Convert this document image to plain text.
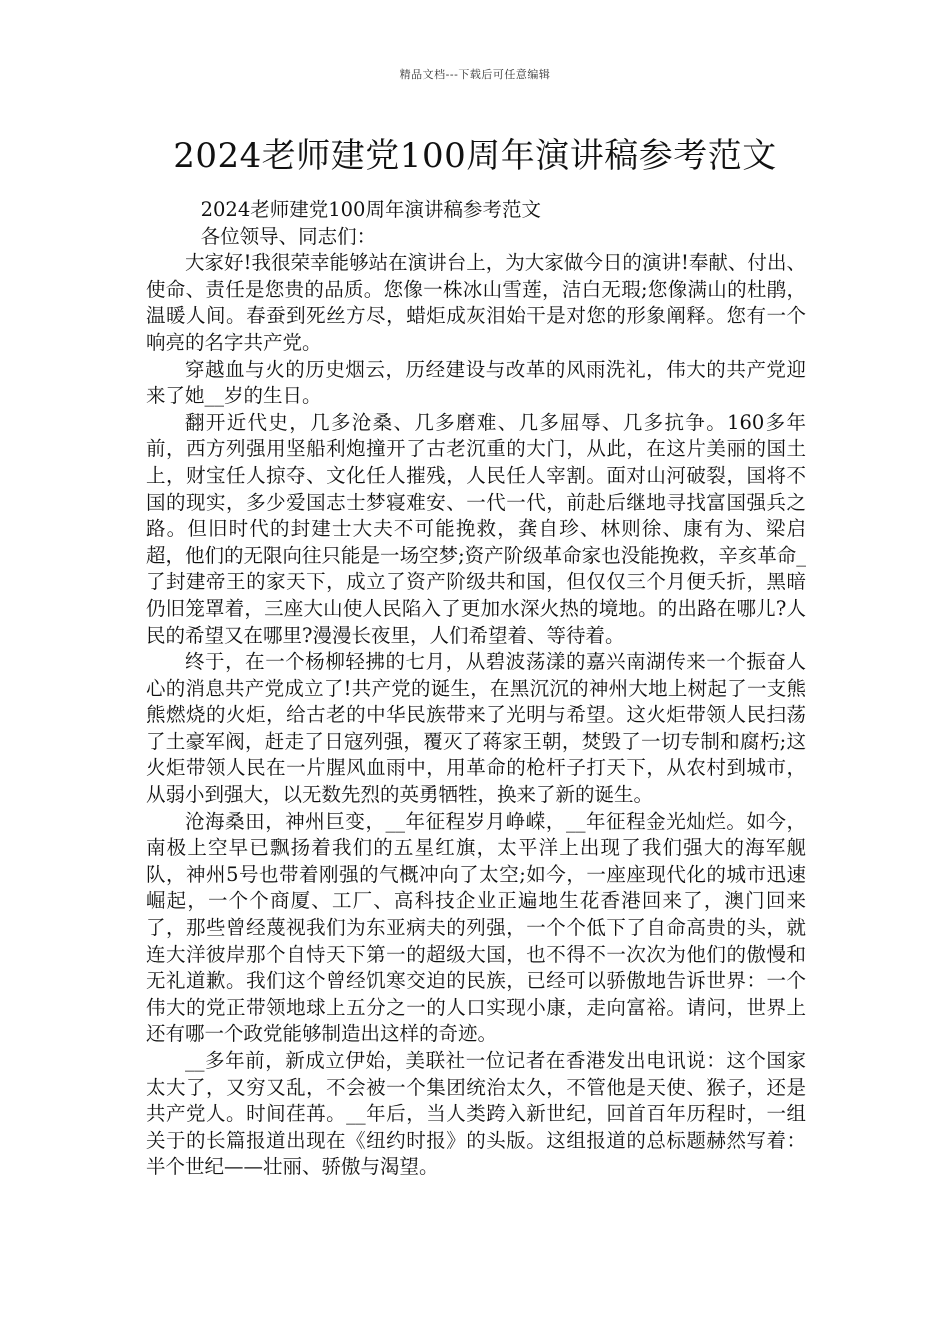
精品文档---下载后可任意编辑
2024老师建党100周年演讲稿参考范文

2024老师建党100周年演讲稿参考范文

各位领导、同志们：

大家好!我很荣幸能够站在演讲台上，为大家做今日的演讲!奉献、付出、使命、责任是您贵的品质。您像一株冰山雪莲，洁白无瑕;您像满山的杜鹃，温暖人间。春蚕到死丝方尽，蜡炬成灰泪始干是对您的形象阐释。您有一个响亮的名字共产党。

穿越血与火的历史烟云，历经建设与改革的风雨洗礼，伟大的共产党迎来了她__岁的生日。

翻开近代史，几多沧桑、几多磨难、几多屈辱、几多抗争。160多年前，西方列强用坚船利炮撞开了古老沉重的大门，从此，在这片美丽的国土上，财宝任人掠夺、文化任人摧残，人民任人宰割。面对山河破裂，国将不国的现实，多少爱国志士梦寝难安、一代一代，前赴后继地寻找富国强兵之路。但旧时代的封建士大夫不可能挽救，龚自珍、林则徐、康有为、梁启超，他们的无限向往只能是一场空梦;资产阶级革命家也没能挽救，辛亥革命_了封建帝王的家天下，成立了资产阶级共和国，但仅仅三个月便夭折，黑暗仍旧笼罩着，三座大山使人民陷入了更加水深火热的境地。的出路在哪儿?人民的希望又在哪里?漫漫长夜里，人们希望着、等待着。

终于，在一个杨柳轻拂的七月，从碧波荡漾的嘉兴南湖传来一个振奋人心的消息共产党成立了!共产党的诞生，在黑沉沉的神州大地上树起了一支熊熊燃烧的火炬，给古老的中华民族带来了光明与希望。这火炬带领人民扫荡了土豪军阀，赶走了日寇列强，覆灭了蒋家王朝，焚毁了一切专制和腐朽;这火炬带领人民在一片腥风血雨中，用革命的枪杆子打天下，从农村到城市，从弱小到强大，以无数先烈的英勇牺牲，换来了新的诞生。

沧海桑田，神州巨变，__年征程岁月峥嵘，__年征程金光灿烂。如今，南极上空早已飘扬着我们的五星红旗，太平洋上出现了我们强大的海军舰队，神州5号也带着刚强的气概冲向了太空;如今，一座座现代化的城市迅速崛起，一个个商厦、工厂、高科技企业正遍地生花香港回来了，澳门回来了，那些曾经蔑视我们为东亚病夫的列强，一个个低下了自命高贵的头，就连大洋彼岸那个自恃天下第一的超级大国，也不得不一次次为他们的傲慢和无礼道歉。我们这个曾经饥寒交迫的民族，已经可以骄傲地告诉世界：一个伟大的党正带领地球上五分之一的人口实现小康，走向富裕。请问，世界上还有哪一个政党能够制造出这样的奇迹。

__多年前，新成立伊始，美联社一位记者在香港发出电讯说：这个国家太大了，又穷又乱，不会被一个集团统治太久，不管他是天使、猴子，还是共产党人。时间荏苒。__年后，当人类跨入新世纪，回首百年历程时，一组关于的长篇报道出现在《纽约时报》的头版。这组报道的总标题赫然写着：半个世纪——壮丽、骄傲与渴望。
